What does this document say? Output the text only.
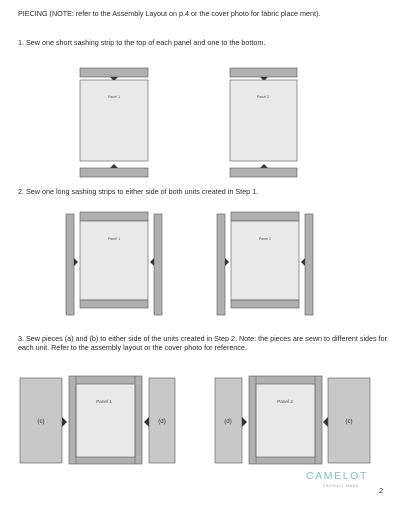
PIECING (NOTE: refer to the Assembly Layout on p.4 or the cover photo for fabric place ment).
1. Sew one short sashing strip to the top of each panel and one to the bottom.
2. Sew one long sashing strips to either side of both units created in Step 1.
3. Sew pieces (a) and (b) to either side of the units created in Step 2. Note: the pieces are sewn to different sides for each unit. Refer to the assembly layout or the cover photo for reference.
Panel 1	Panel 2
Panel 1	Panel 2
(c)
Panel 1
(d)	(d)
Panel 2
(c)
CAMELOT
FRESHLY MADE	2
